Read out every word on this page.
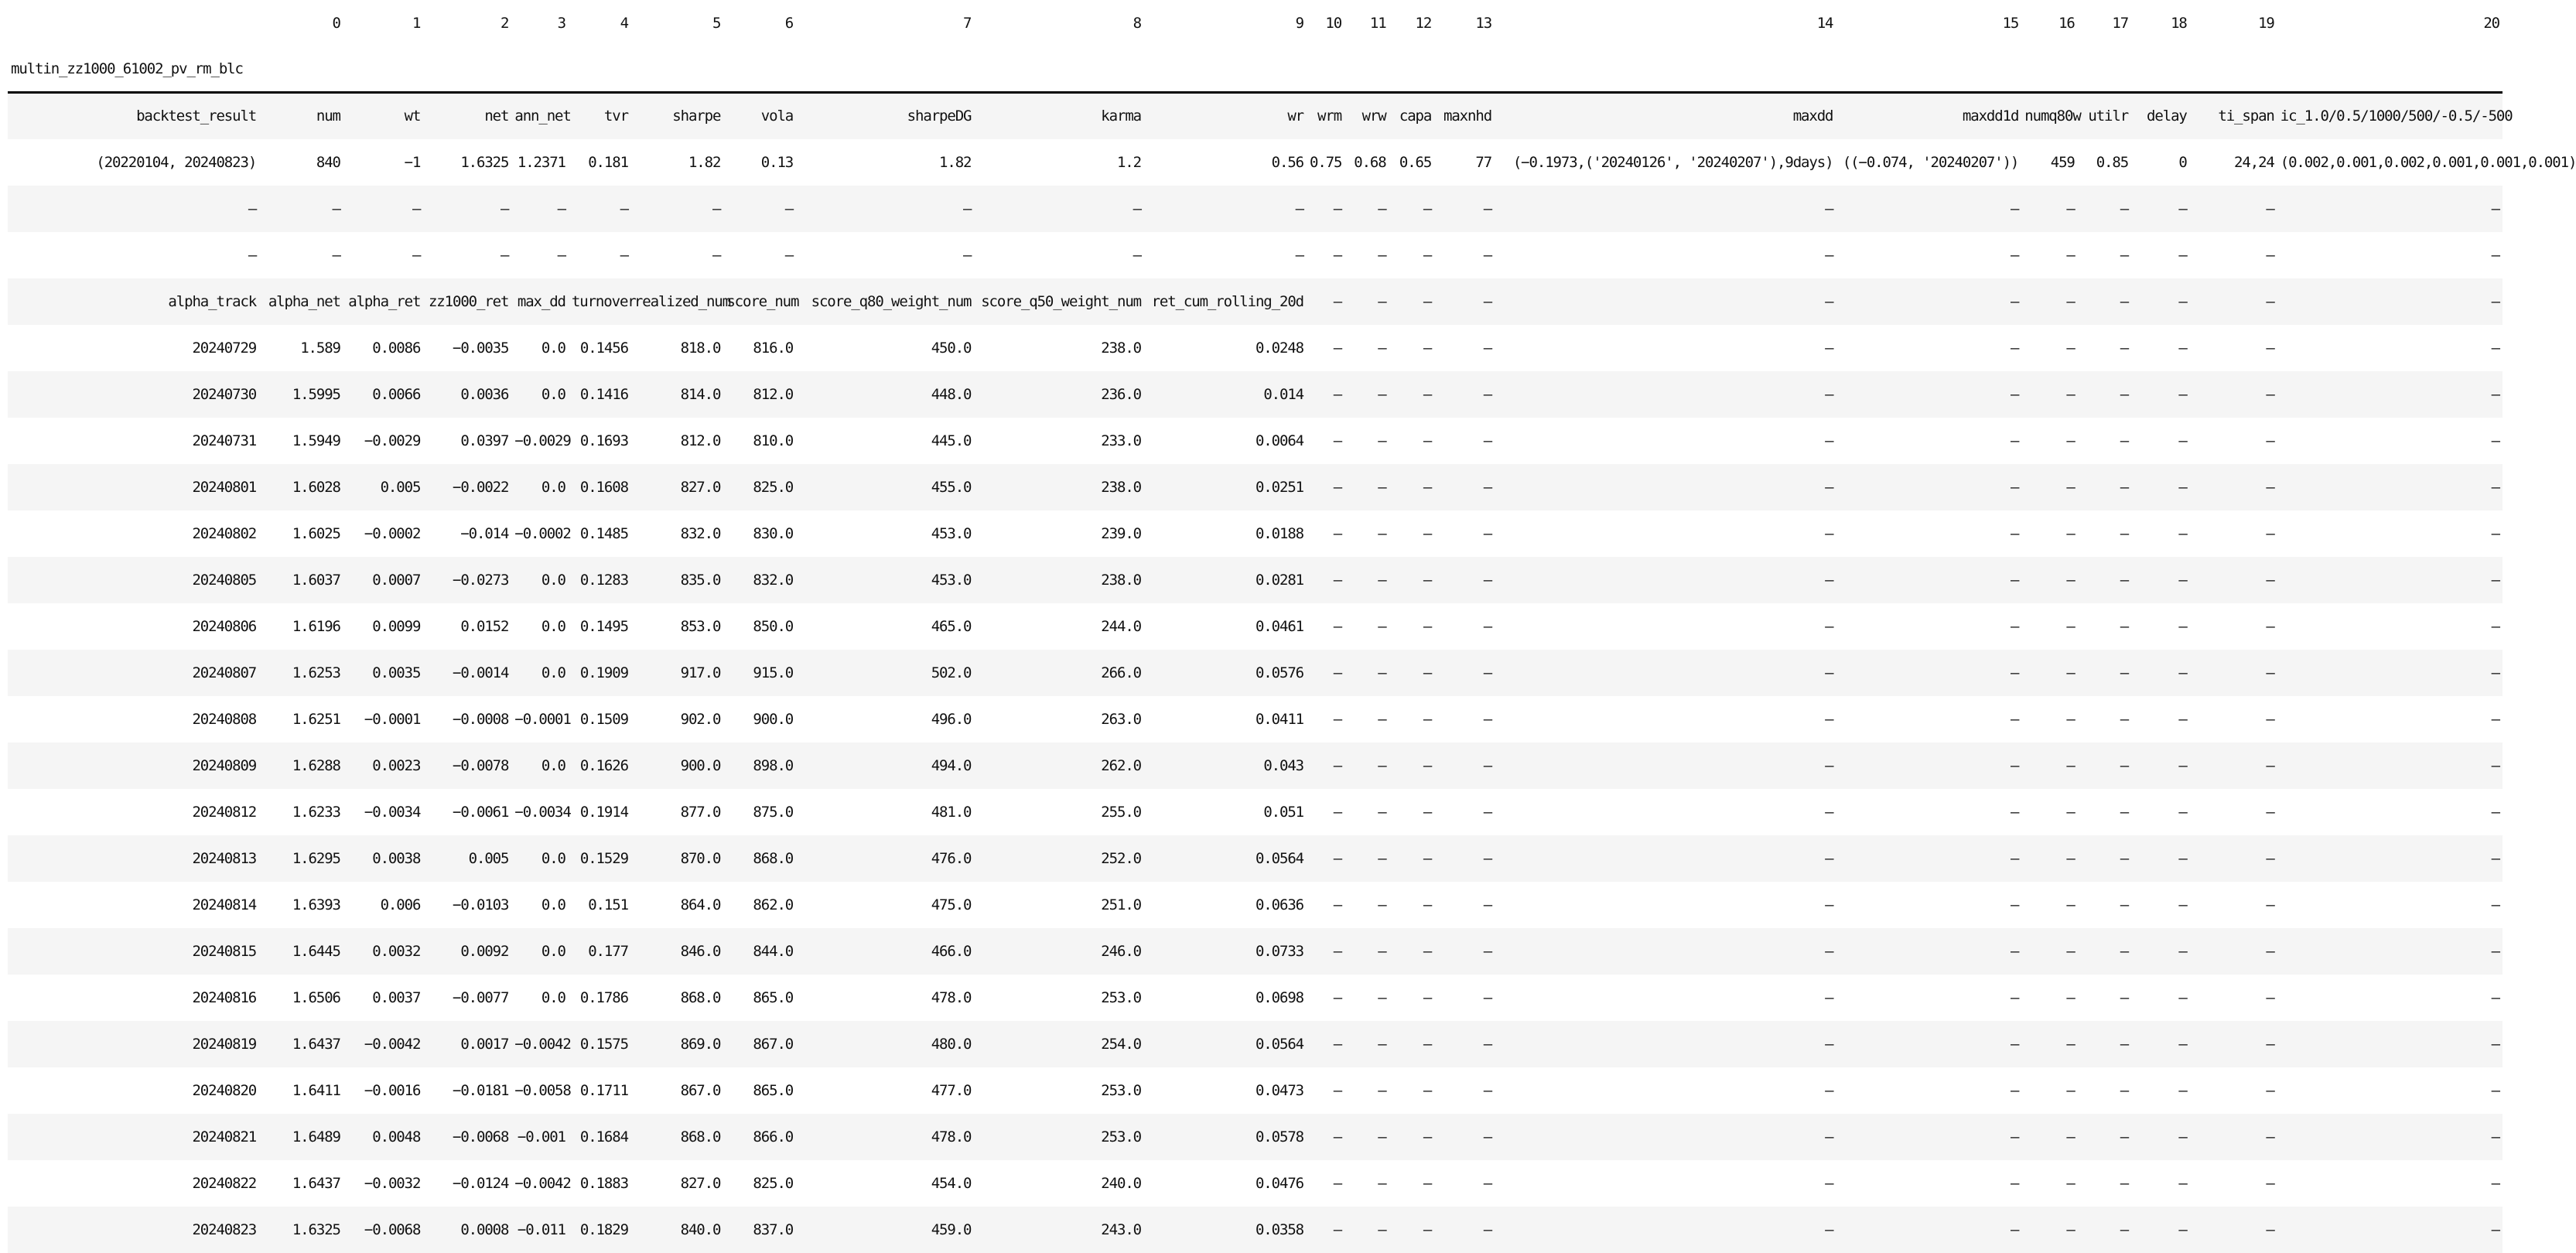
	0	1	2	3	4	5	6	7	8	9	10	11	12	13	14	15	16	17	18	19	20
multin_zz1000_61002_pv_rm_blc																					
backtest_result	num	wt	net	ann_net	tvr	sharpe	vola	sharpeDG	karma	wr	wrm	wrw	capa	maxnhd	maxdd	maxdd1d	numq80w	utilr	delay	ti_span	ic_1.0/0.5/1000/500/-0.5/-500
(20220104, 20240823)	840	−1	1.6325	1.2371	0.181	1.82	0.13	1.82	1.2	0.56	0.75	0.68	0.65	77	(−0.1973,('20240126', '20240207'),9days)	((−0.074, '20240207'))	459	0.85	0	24,24	(0.002,0.001,0.002,0.001,0.001,0.001)
—	—	—	—	—	—	—	—	—	—	—	—	—	—	—	—	—	—	—	—	—	—
—	—	—	—	—	—	—	—	—	—	—	—	—	—	—	—	—	—	—	—	—	—
alpha_track	alpha_net	alpha_ret	zz1000_ret	max_dd	turnover	realized_num	score_num	score_q80_weight_num	score_q50_weight_num	ret_cum_rolling_20d	—	—	—	—	—	—	—	—	—	—	—
20240729	1.589	0.0086	−0.0035	0.0	0.1456	818.0	816.0	450.0	238.0	0.0248	—	—	—	—	—	—	—	—	—	—	—
20240730	1.5995	0.0066	0.0036	0.0	0.1416	814.0	812.0	448.0	236.0	0.014	—	—	—	—	—	—	—	—	—	—	—
20240731	1.5949	−0.0029	0.0397	−0.0029	0.1693	812.0	810.0	445.0	233.0	0.0064	—	—	—	—	—	—	—	—	—	—	—
20240801	1.6028	0.005	−0.0022	0.0	0.1608	827.0	825.0	455.0	238.0	0.0251	—	—	—	—	—	—	—	—	—	—	—
20240802	1.6025	−0.0002	−0.014	−0.0002	0.1485	832.0	830.0	453.0	239.0	0.0188	—	—	—	—	—	—	—	—	—	—	—
20240805	1.6037	0.0007	−0.0273	0.0	0.1283	835.0	832.0	453.0	238.0	0.0281	—	—	—	—	—	—	—	—	—	—	—
20240806	1.6196	0.0099	0.0152	0.0	0.1495	853.0	850.0	465.0	244.0	0.0461	—	—	—	—	—	—	—	—	—	—	—
20240807	1.6253	0.0035	−0.0014	0.0	0.1909	917.0	915.0	502.0	266.0	0.0576	—	—	—	—	—	—	—	—	—	—	—
20240808	1.6251	−0.0001	−0.0008	−0.0001	0.1509	902.0	900.0	496.0	263.0	0.0411	—	—	—	—	—	—	—	—	—	—	—
20240809	1.6288	0.0023	−0.0078	0.0	0.1626	900.0	898.0	494.0	262.0	0.043	—	—	—	—	—	—	—	—	—	—	—
20240812	1.6233	−0.0034	−0.0061	−0.0034	0.1914	877.0	875.0	481.0	255.0	0.051	—	—	—	—	—	—	—	—	—	—	—
20240813	1.6295	0.0038	0.005	0.0	0.1529	870.0	868.0	476.0	252.0	0.0564	—	—	—	—	—	—	—	—	—	—	—
20240814	1.6393	0.006	−0.0103	0.0	0.151	864.0	862.0	475.0	251.0	0.0636	—	—	—	—	—	—	—	—	—	—	—
20240815	1.6445	0.0032	0.0092	0.0	0.177	846.0	844.0	466.0	246.0	0.0733	—	—	—	—	—	—	—	—	—	—	—
20240816	1.6506	0.0037	−0.0077	0.0	0.1786	868.0	865.0	478.0	253.0	0.0698	—	—	—	—	—	—	—	—	—	—	—
20240819	1.6437	−0.0042	0.0017	−0.0042	0.1575	869.0	867.0	480.0	254.0	0.0564	—	—	—	—	—	—	—	—	—	—	—
20240820	1.6411	−0.0016	−0.0181	−0.0058	0.1711	867.0	865.0	477.0	253.0	0.0473	—	—	—	—	—	—	—	—	—	—	—
20240821	1.6489	0.0048	−0.0068	−0.001	0.1684	868.0	866.0	478.0	253.0	0.0578	—	—	—	—	—	—	—	—	—	—	—
20240822	1.6437	−0.0032	−0.0124	−0.0042	0.1883	827.0	825.0	454.0	240.0	0.0476	—	—	—	—	—	—	—	—	—	—	—
20240823	1.6325	−0.0068	0.0008	−0.011	0.1829	840.0	837.0	459.0	243.0	0.0358	—	—	—	—	—	—	—	—	—	—	—
